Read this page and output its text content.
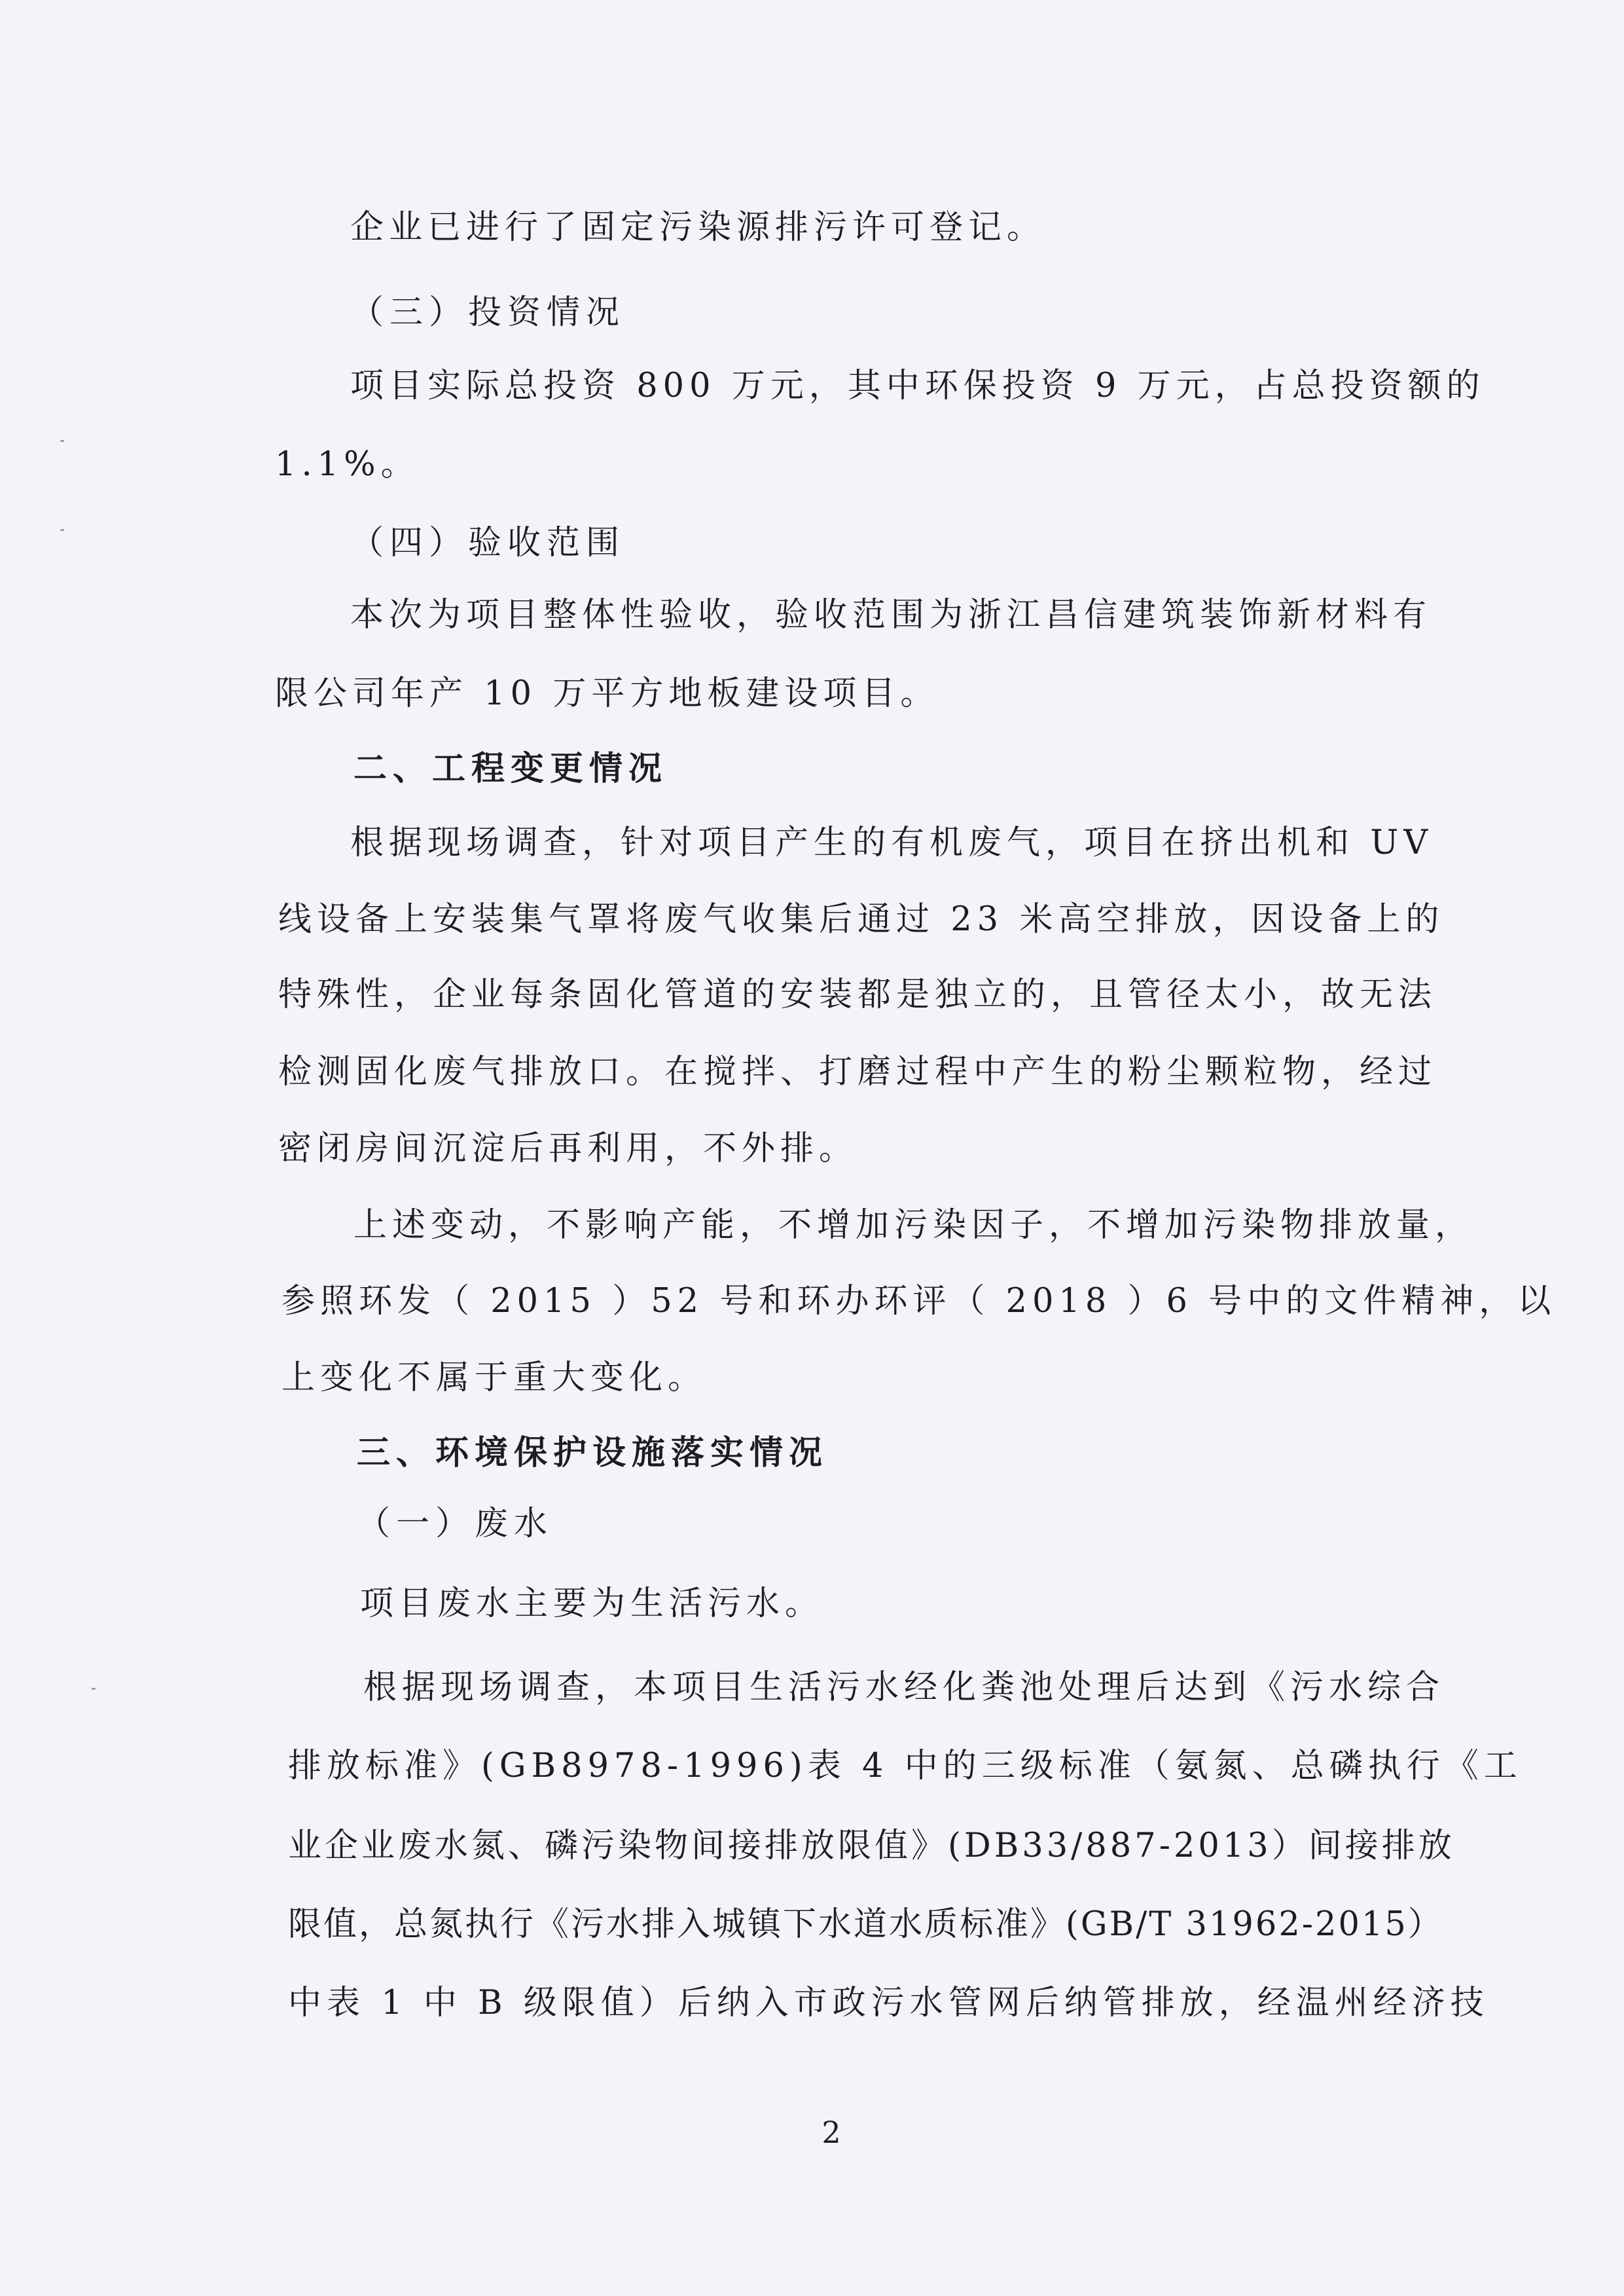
企业已进行了固定污染源排污许可登记。
（三）投资情况
项目实际总投资 800 万元，其中环保投资 9 万元，占总投资额的
1.1%。
（四）验收范围
本次为项目整体性验收，验收范围为浙江昌信建筑装饰新材料有
限公司年产 10 万平方地板建设项目。
二、工程变更情况
根据现场调查，针对项目产生的有机废气，项目在挤出机和 UV
线设备上安装集气罩将废气收集后通过 23 米高空排放，因设备上的
特殊性，企业每条固化管道的安装都是独立的，且管径太小，故无法
检测固化废气排放口。在搅拌、打磨过程中产生的粉尘颗粒物，经过
密闭房间沉淀后再利用，不外排。
上述变动，不影响产能，不增加污染因子，不增加污染物排放量，
参照环发（ 2015 ）52 号和环办环评（ 2018 ）6 号中的文件精神，以
上变化不属于重大变化。
三、环境保护设施落实情况
（一）废水
项目废水主要为生活污水。
根据现场调查，本项目生活污水经化粪池处理后达到《污水综合
排放标准》(GB8978-1996)表 4 中的三级标准（氨氮、总磷执行《工
业企业废水氮、磷污染物间接排放限值》(DB33/887-2013）间接排放
限值，总氮执行《污水排入城镇下水道水质标准》(GB/T 31962-2015）
中表 1 中 B 级限值）后纳入市政污水管网后纳管排放，经温州经济技
2
